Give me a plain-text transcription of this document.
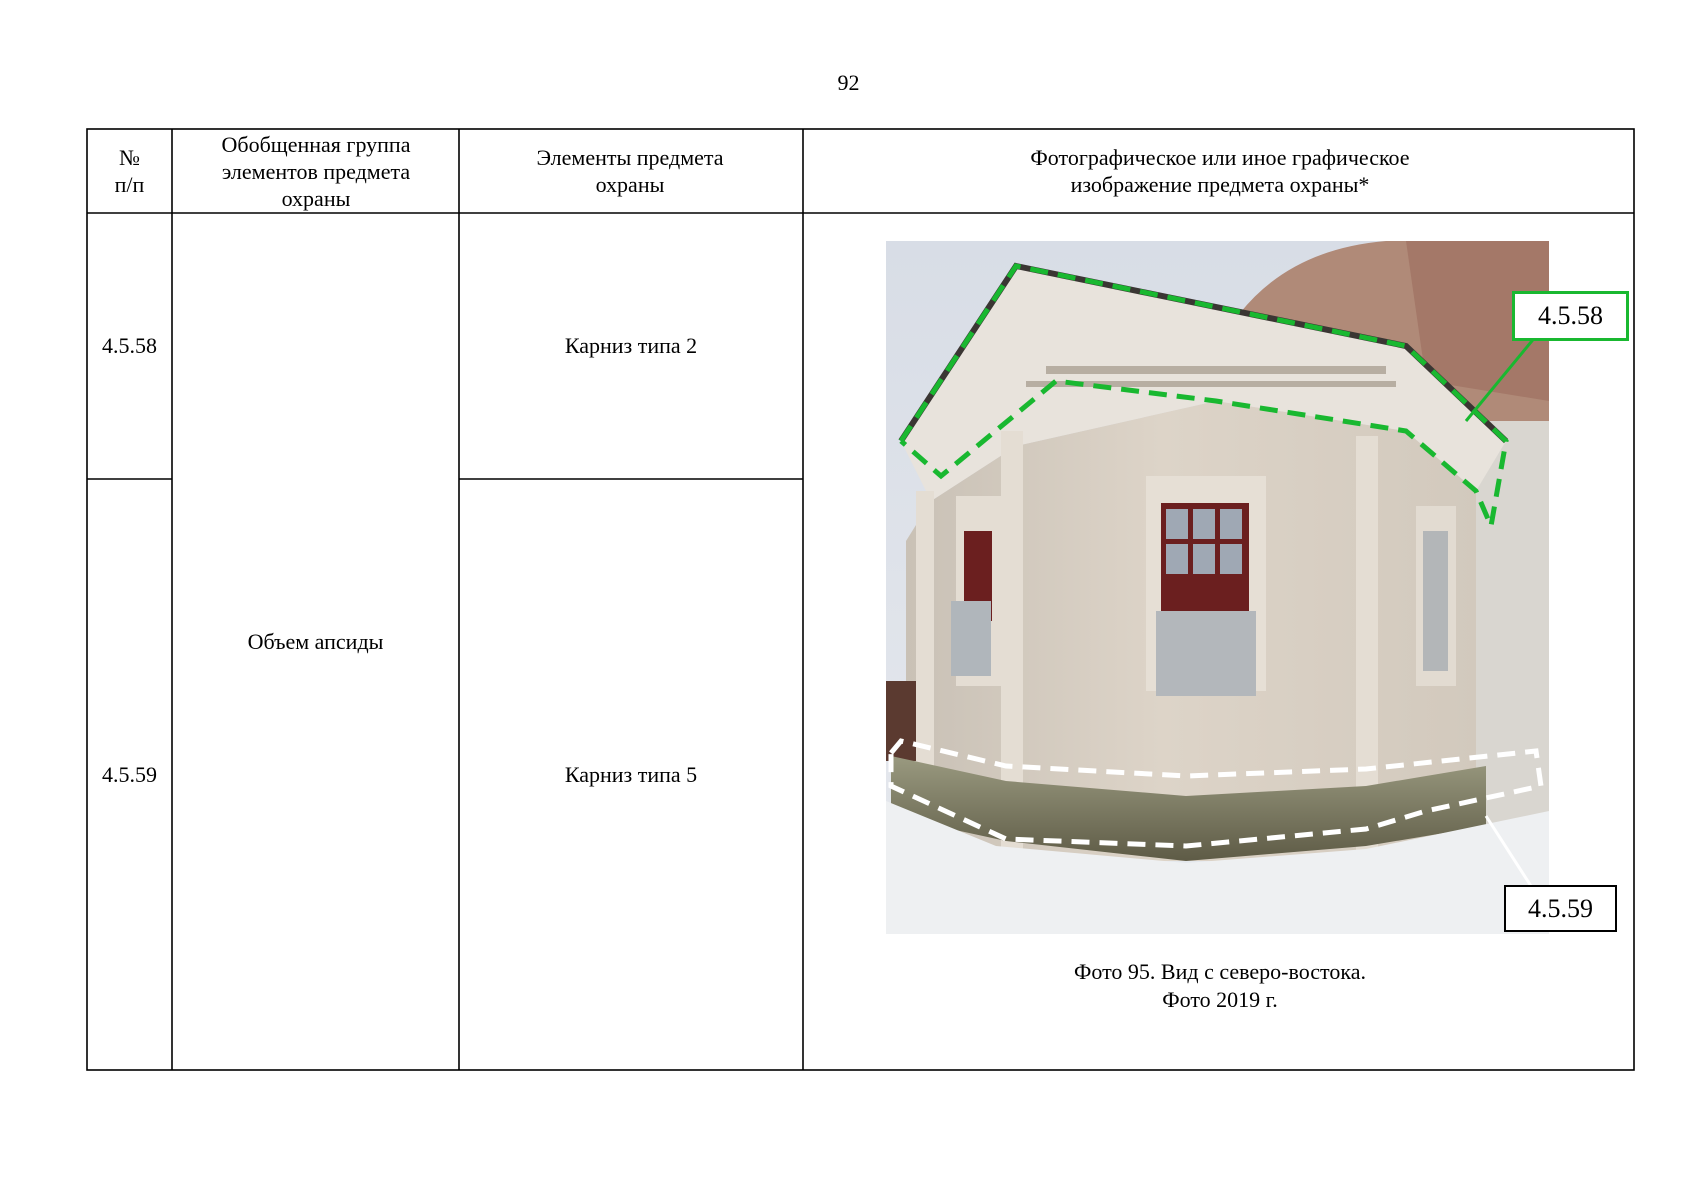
92
№
п/п
Обобщенная группа элементов предмета охраны
Элементы предмета охраны
Фотографическое или иное графическое изображение предмета охраны*
4.5.58
4.5.59
Объем апсиды
Карниз типа 2
Карниз типа 5
4.5.58
4.5.59
Фото 95. Вид с северо-востока.
Фото 2019 г.
